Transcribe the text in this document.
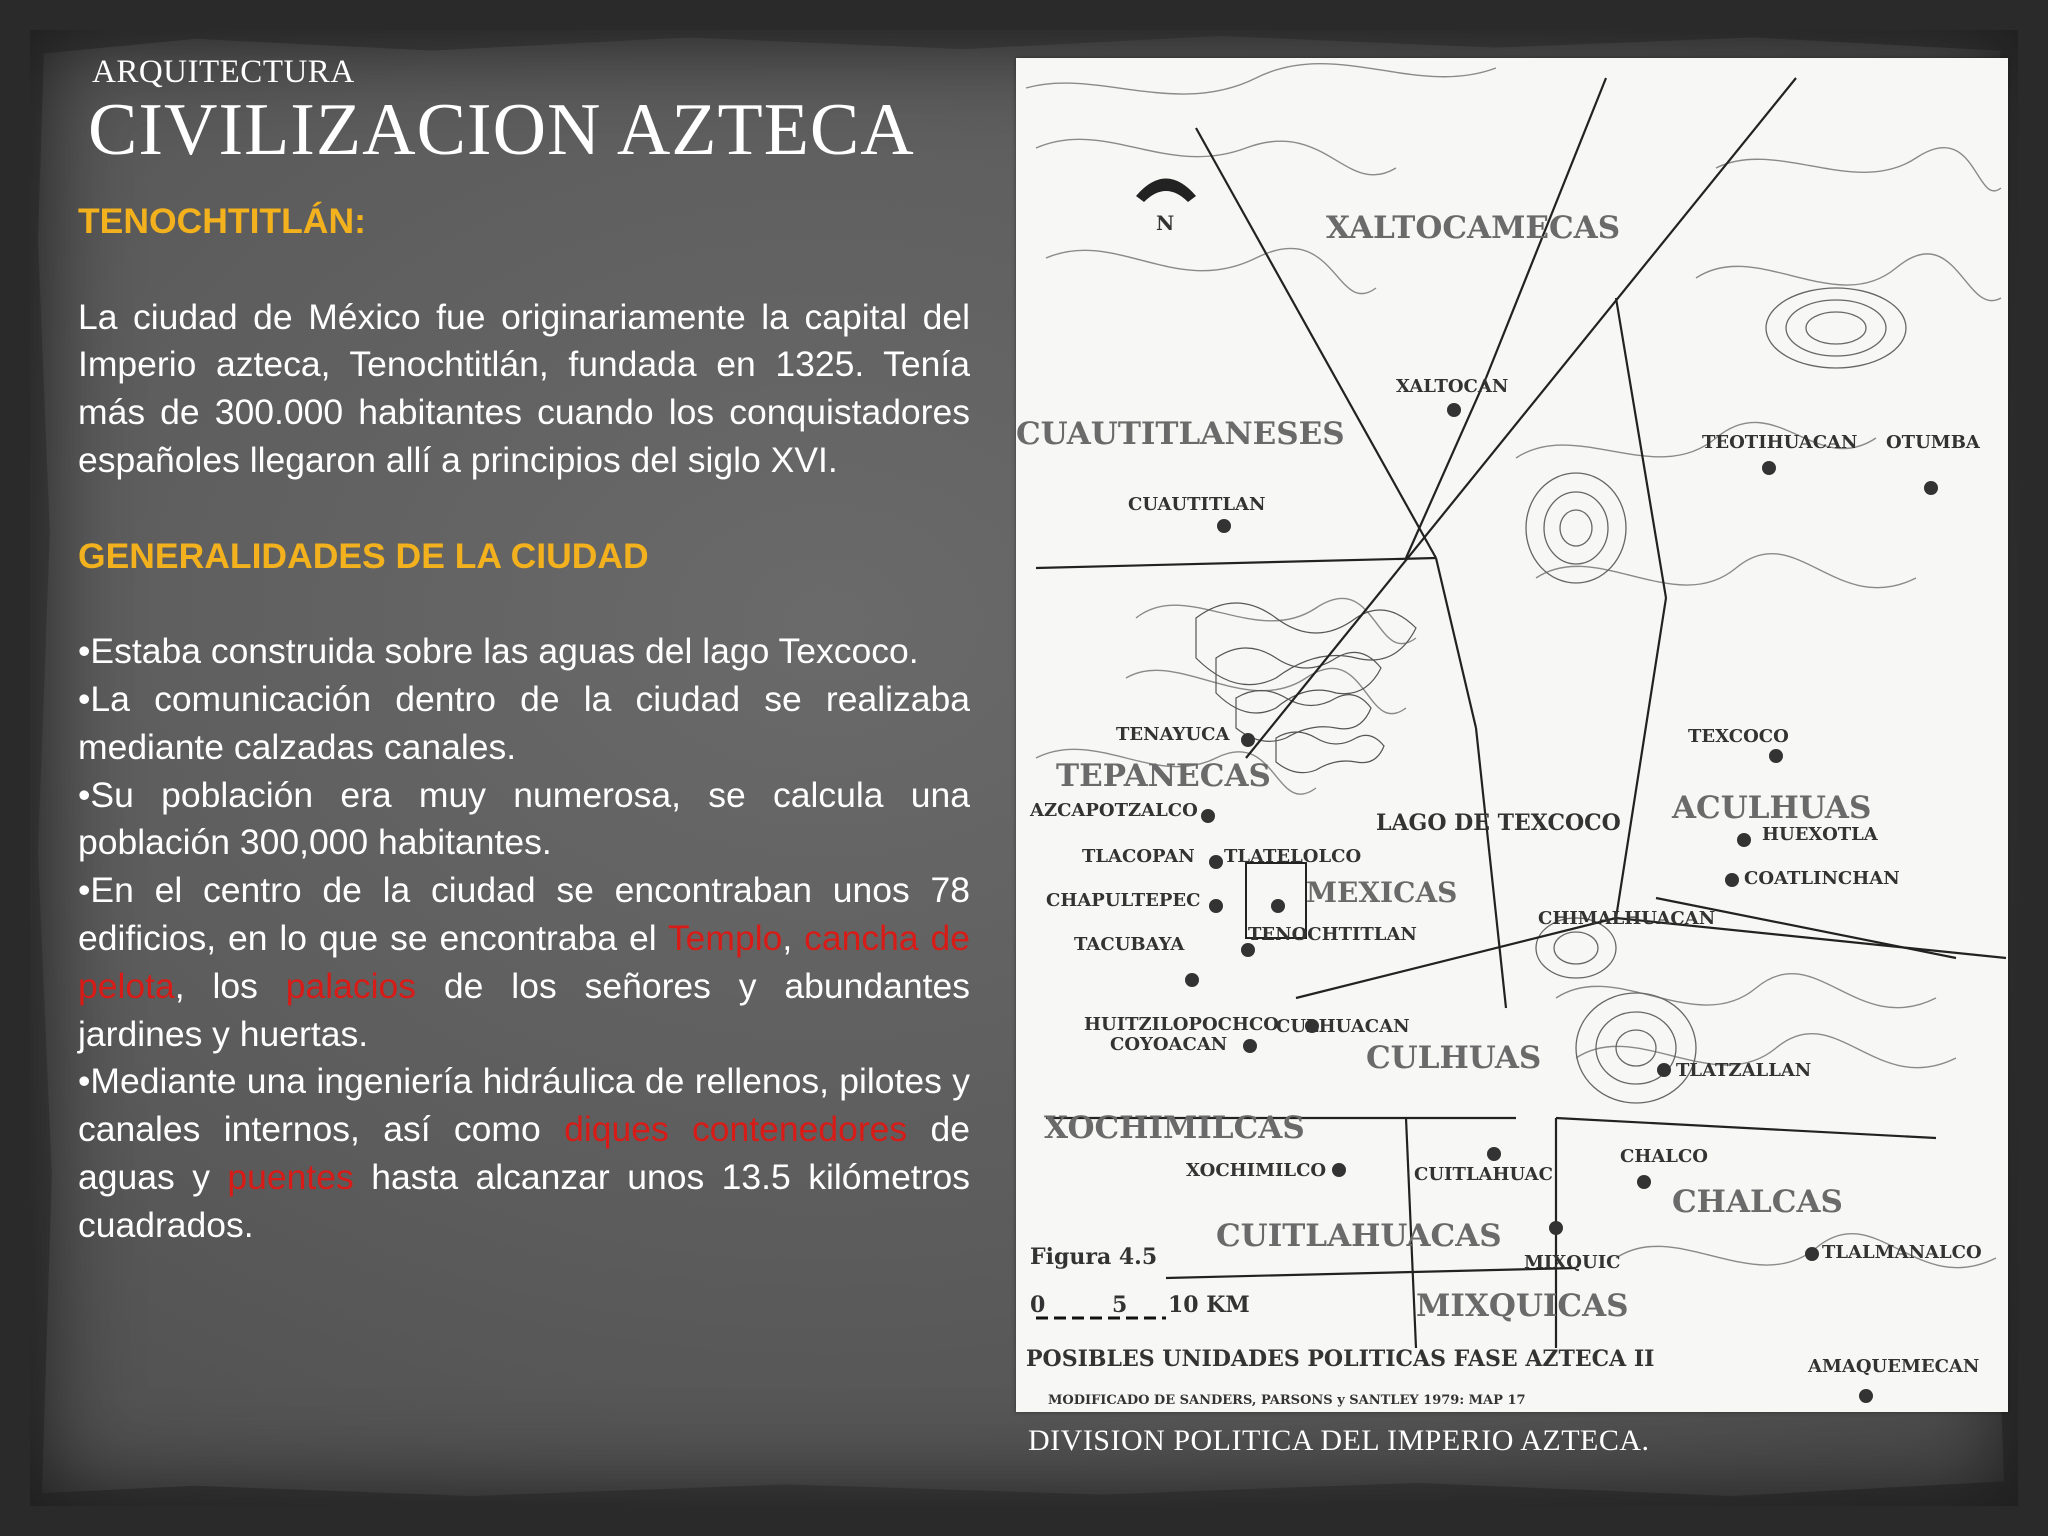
ARQUITECTURA
CIVILIZACION AZTECA

TENOCHTITLÁN:

La ciudad de México fue originariamente la capital del Imperio azteca, Tenochtitlán, fundada en 1325. Tenía más de 300.000 habitantes cuando los conquistadores españoles llegaron allí a principios del siglo XVI.

GENERALIDADES DE LA CIUDAD

•Estaba construida sobre las aguas del lago Texcoco.

•La comunicación dentro de la ciudad se realizaba mediante calzadas canales.

•Su población era muy numerosa, se calcula una población 300,000 habitantes.

•En el centro de la ciudad se encontraban unos 78 edificios, en lo que se encontraba el Templo, cancha de pelota, los palacios de los señores y abundantes jardines y huertas.

•Mediante una ingeniería hidráulica de rellenos, pilotes y canales internos, así como diques contenedores de aguas y puentes hasta alcanzar unos 13.5 kilómetros cuadrados.

N	XALTOCAMECAS
CUAUTITLANESES
TEPANECAS
ACULHUAS
MEXICAS
CULHUAS
XOCHIMILCAS
CHALCAS
CUITLAHUACAS
MIXQUICAS
XALTOCAN
TEOTIHUACAN OTUMBA
CUAUTITLAN
TENAYUCA	TEXCOCO
AZCAPOTZALCO
HUEXOTLA
TLACOPAN TLATELOLCO
COATLINCHAN
CHAPULTEPEC
TENOCHTITLAN
CHIMALHUACAN
TACUBAYA
HUITZILOPOCHCO
COYOACAN
CULHUACAN
TLATZALLAN
XOCHIMILCO	CUITLAHUAC
CHALCO
MIXQUIC	TLALMANALCO
AMAQUEMECAN
LAGO DE TEXCOCO
Figura 4.5
0	5 10 KM
POSIBLES UNIDADES POLITICAS FASE AZTECA II
MODIFICADO DE SANDERS, PARSONS y SANTLEY 1979: MAP 17
DIVISION POLITICA DEL IMPERIO AZTECA.
